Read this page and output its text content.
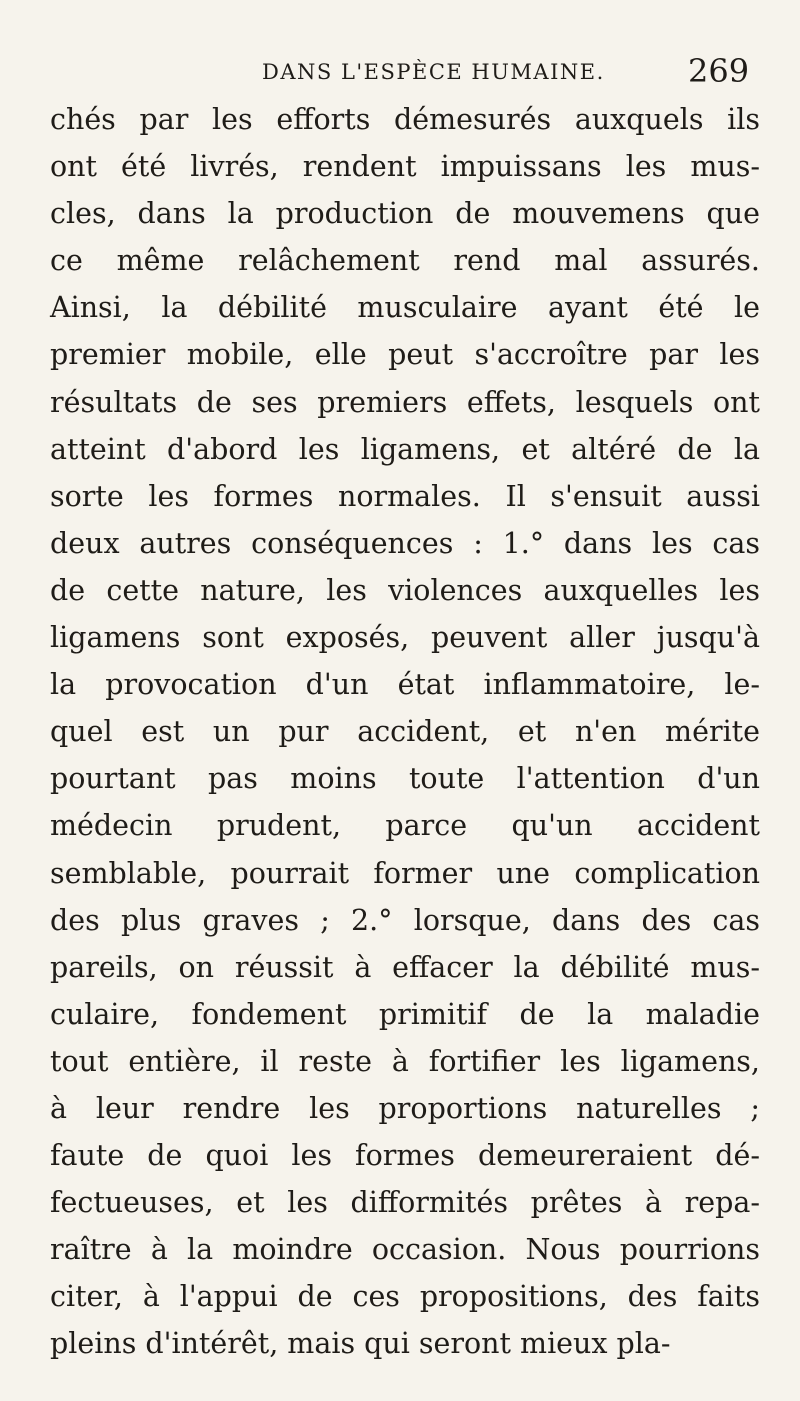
DANS L'ESPÈCE HUMAINE.	269
chés par les efforts démesurés auxquels ils
ont été livrés, rendent impuissans les mus-
cles, dans la production de mouvemens que
ce même relâchement rend mal assurés.
Ainsi, la débilité musculaire ayant été le
premier mobile, elle peut s'accroître par les
résultats de ses premiers effets, lesquels ont
atteint d'abord les ligamens, et altéré de la
sorte les formes normales. Il s'ensuit aussi
deux autres conséquences : 1.° dans les cas
de cette nature, les violences auxquelles les
ligamens sont exposés, peuvent aller jusqu'à
la provocation d'un état inflammatoire, le-
quel est un pur accident, et n'en mérite
pourtant pas moins toute l'attention d'un
médecin prudent, parce qu'un accident
semblable, pourrait former une complication
des plus graves ; 2.° lorsque, dans des cas
pareils, on réussit à effacer la débilité mus-
culaire, fondement primitif de la maladie
tout entière, il reste à fortifier les ligamens,
à leur rendre les proportions naturelles ;
faute de quoi les formes demeureraient dé-
fectueuses, et les difformités prêtes à repa-
raître à la moindre occasion. Nous pourrions
citer, à l'appui de ces propositions, des faits
pleins d'intérêt, mais qui seront mieux pla-
